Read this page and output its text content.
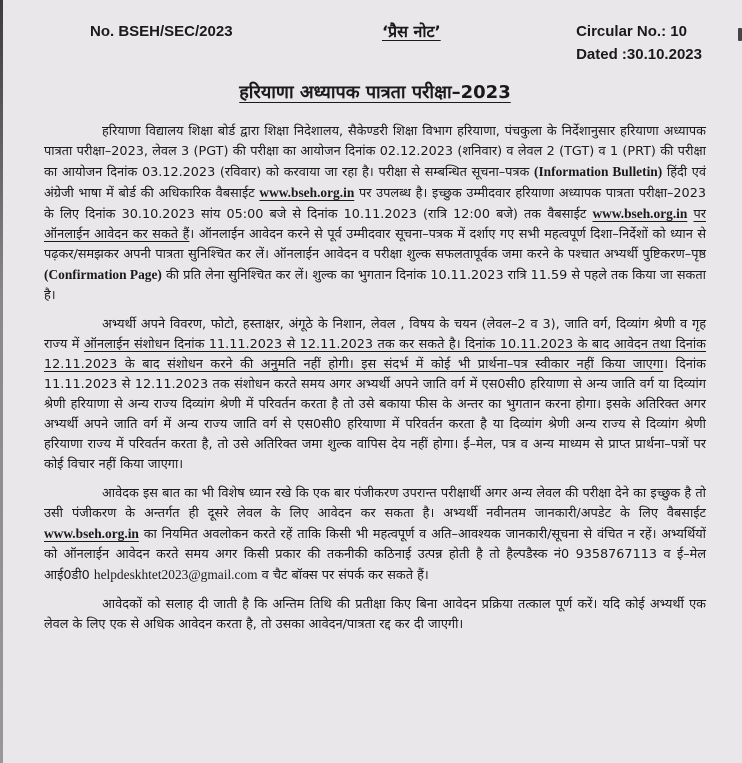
No. BSEH/SEC/2023	‘प्रैस नोट’	Circular No.: 10
Dated :30.10.2023
हरियाणा अध्यापक पात्रता परीक्षा–2023

हरियाणा विद्यालय शिक्षा बोर्ड द्वारा शिक्षा निदेशालय, सैकेण्डरी शिक्षा विभाग हरियाणा, पंचकुला के निर्देशानुसार हरियाणा अध्यापक पात्रता परीक्षा–2023, लेवल 3 (PGT) की परीक्षा का आयोजन दिनांक 02.12.2023 (शनिवार) व लेवल 2 (TGT) व 1 (PRT) की परीक्षा का आयोजन दिनांक 03.12.2023 (रविवार) को करवाया जा रहा है। परीक्षा से सम्बन्धित सूचना–पत्रक (Information Bulletin) हिंदी एवं अंग्रेजी भाषा में बोर्ड की अधिकारिक वैबसाईट www.bseh.org.in पर उपलब्ध है। इच्छुक उम्मीदवार हरियाणा अध्यापक पात्रता परीक्षा–2023 के लिए दिनांक 30.10.2023 सांय 05:00 बजे से दिनांक 10.11.2023 (रात्रि 12:00 बजे) तक वैबसाईट www.bseh.org.in पर ऑनलाईन आवेदन कर सकते हैं। ऑनलाईन आवेदन करने से पूर्व उम्मीदवार सूचना–पत्रक में दर्शाए गए सभी महत्वपूर्ण दिशा–निर्देशों को ध्यान से पढ़कर/समझकर अपनी पात्रता सुनिश्चित कर लें। ऑनलाईन आवेदन व परीक्षा शुल्क सफलतापूर्वक जमा करने के पश्चात अभ्यर्थी पुष्टिकरण–पृष्ठ (Confirmation Page) की प्रति लेना सुनिश्चित कर लें। शुल्क का भुगतान दिनांक 10.11.2023 रात्रि 11.59 से पहले तक किया जा सकता है।

अभ्यर्थी अपने विवरण, फोटो, हस्ताक्षर, अंगूठे के निशान, लेवल , विषय के चयन (लेवल–2 व 3), जाति वर्ग, दिव्यांग श्रेणी व गृह राज्य में ऑनलाईन संशोधन दिनांक 11.11.2023 से 12.11.2023 तक कर सकते है। दिनांक 10.11.2023 के बाद आवेदन तथा दिनांक 12.11.2023 के बाद संशोधन करने की अनुमति नहीं होगी। इस संदर्भ में कोई भी प्रार्थना–पत्र स्वीकार नहीं किया जाएगा। दिनांक 11.11.2023 से 12.11.2023 तक संशोधन करते समय अगर अभ्यर्थी अपने जाति वर्ग में एस0सी0 हरियाणा से अन्य जाति वर्ग या दिव्यांग श्रेणी हरियाणा से अन्य राज्य दिव्यांग श्रेणी में परिवर्तन करता है तो उसे बकाया फीस के अन्तर का भुगतान करना होगा। इसके अतिरिक्त अगर अभ्यर्थी अपने जाति वर्ग में अन्य राज्य जाति वर्ग से एस0सी0 हरियाणा में परिवर्तन करता है या दिव्यांग श्रेणी अन्य राज्य से दिव्यांग श्रेणी हरियाणा राज्य में परिवर्तन करता है, तो उसे अतिरिक्त जमा शुल्क वापिस देय नहीं होगा। ई–मेल, पत्र व अन्य माध्यम से प्राप्त प्रार्थना–पत्रों पर कोई विचार नहीं किया जाएगा।

आवेदक इस बात का भी विशेष ध्यान रखे कि एक बार पंजीकरण उपरान्त परीक्षार्थी अगर अन्य लेवल की परीक्षा देने का इच्छुक है तो उसी पंजीकरण के अन्तर्गत ही दूसरे लेवल के लिए आवेदन कर सकता है। अभ्यर्थी नवीनतम जानकारी/अपडेट के लिए वैबसाईट www.bseh.org.in का नियमित अवलोकन करते रहें ताकि किसी भी महत्वपूर्ण व अति–आवश्यक जानकारी/सूचना से वंचित न रहें। अभ्यर्थियों को ऑनलाईन आवेदन करते समय अगर किसी प्रकार की तकनीकी कठिनाई उत्पन्न होती है तो हैल्पडैस्क नं0 9358767113 व ई–मेल आई0डी0 helpdeskhtet2023@gmail.com व चैट बॉक्स पर संपर्क कर सकते हैं।

आवेदकों को सलाह दी जाती है कि अन्तिम तिथि की प्रतीक्षा किए बिना आवेदन प्रक्रिया तत्काल पूर्ण करें। यदि कोई अभ्यर्थी एक लेवल के लिए एक से अधिक आवेदन करता है, तो उसका आवेदन/पात्रता रद्द कर दी जाएगी।
